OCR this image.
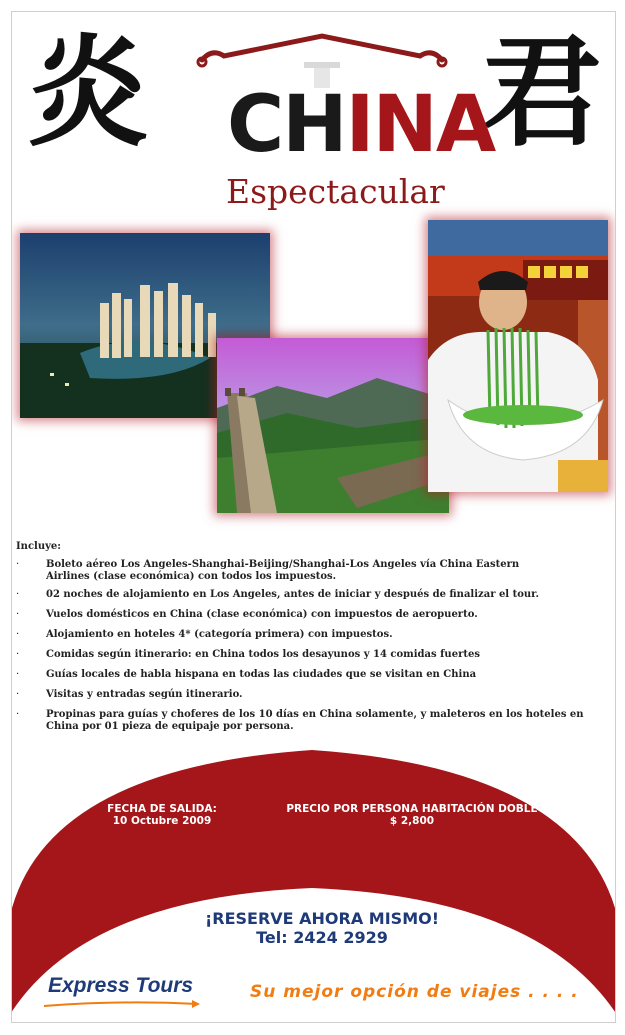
炎	君
CHINA
Espectacular
Incluye:
·	Boleto aéreo Los Angeles-Shanghai-Beijing/Shanghai-Los Angeles vía China Eastern Airlines (clase económica) con todos los impuestos.
·	02 noches de alojamiento en Los Angeles, antes de iniciar y después de finalizar el tour.
·	Vuelos domésticos en China (clase económica) con impuestos de aeropuerto.
·	Alojamiento en hoteles 4* (categoría primera) con impuestos.
·	Comidas según itinerario: en China todos los desayunos y 14 comidas fuertes
·	Guías locales de habla hispana en todas las ciudades que se visitan en China
·	Visitas y entradas según itinerario.
·	Propinas para guías y choferes de los 10 días en China solamente, y maleteros en los hoteles en China por 01 pieza de equipaje por persona.
FECHA DE SALIDA:
10 Octubre 2009
PRECIO POR PERSONA HABITACIÓN DOBLE
$ 2,800
¡RESERVE AHORA MISMO!
Tel: 2424 2929
Express Tours	Su mejor opción de viajes . . . .
